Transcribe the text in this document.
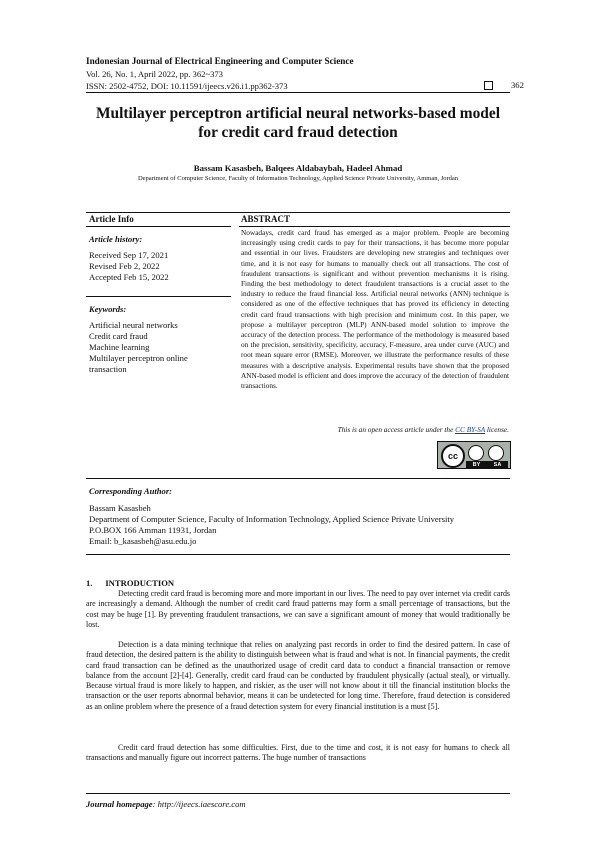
Indonesian Journal of Electrical Engineering and Computer Science
Vol. 26, No. 1, April 2022, pp. 362~373
ISSN: 2502-4752, DOI: 10.11591/ijeecs.v26.i1.pp362-373	362
Multilayer perceptron artificial neural networks-based model
for credit card fraud detection
Bassam Kasasbeh, Balqees Aldabaybah, Hadeel Ahmad
Department of Computer Science, Faculty of Information Technology, Applied Science Private University, Amman, Jordan
Article Info	ABSTRACT
Article history:
Received Sep 17, 2021
Revised Feb 2, 2022
Accepted Feb 15, 2022
Keywords:
Artificial neural networks
Credit card fraud
Machine learning
Multilayer perceptron online
transaction
Nowadays, credit card fraud has emerged as a major problem. People are becoming increasingly using credit cards to pay for their transactions, it has become more popular and essential in our lives. Fraudsters are developing new strategies and techniques over time, and it is not easy for humans to manually check out all transactions. The cost of fraudulent transactions is significant and without prevention mechanisms it is rising. Finding the best methodology to detect fraudulent transactions is a crucial asset to the industry to reduce the fraud financial loss. Artificial neural networks (ANN) technique is considered as one of the effective techniques that has proved its efficiency in detecting credit card fraud transactions with high precision and minimum cost. In this paper, we propose a multilayer perceptron (MLP) ANN-based model solution to improve the accuracy of the detection process. The performance of the methodology is measured based on the precision, sensitivity, specificity, accuracy, F-measure, area under curve (AUC) and root mean square error (RMSE). Moreover, we illustrate the performance results of these measures with a descriptive analysis. Experimental results have shown that the proposed ANN-based model is efficient and does improve the accuracy of the detection of fraudulent transactions.
This is an open access article under the CC BY-SA license.
cc
BY SA
Corresponding Author:
Bassam Kasasbeh
Department of Computer Science, Faculty of Information Technology, Applied Science Private University
P.O.BOX 166 Amman 11931, Jordan
Email: b_kasasbeh@asu.edu.jo
1.      INTRODUCTION
Detecting credit card fraud is becoming more and more important in our lives. The need to pay over internet via credit cards are increasingly a demand. Although the number of credit card fraud patterns may form a small percentage of transactions, but the cost may be huge [1]. By preventing fraudulent transactions, we can save a significant amount of money that would traditionally be lost.
Detection is a data mining technique that relies on analyzing past records in order to find the desired pattern. In case of fraud detection, the desired pattern is the ability to distinguish between what is fraud and what is not. In financial payments, the credit card fraud transaction can be defined as the unauthorized usage of credit card data to conduct a financial transaction or remove balance from the account [2]-[4]. Generally, credit card fraud can be conducted by fraudulent physically (actual steal), or virtually. Because virtual fraud is more likely to happen, and riskier, as the user will not know about it till the financial institution blocks the transaction or the user reports abnormal behavior, means it can be undetected for long time. Therefore, fraud detection is considered as an online problem where the presence of a fraud detection system for every financial institution is a must [5].
Credit card fraud detection has some difficulties. First, due to the time and cost, it is not easy for humans to check all transactions and manually figure out incorrect patterns. The huge number of transactions
Journal homepage: http://ijeecs.iaescore.com
